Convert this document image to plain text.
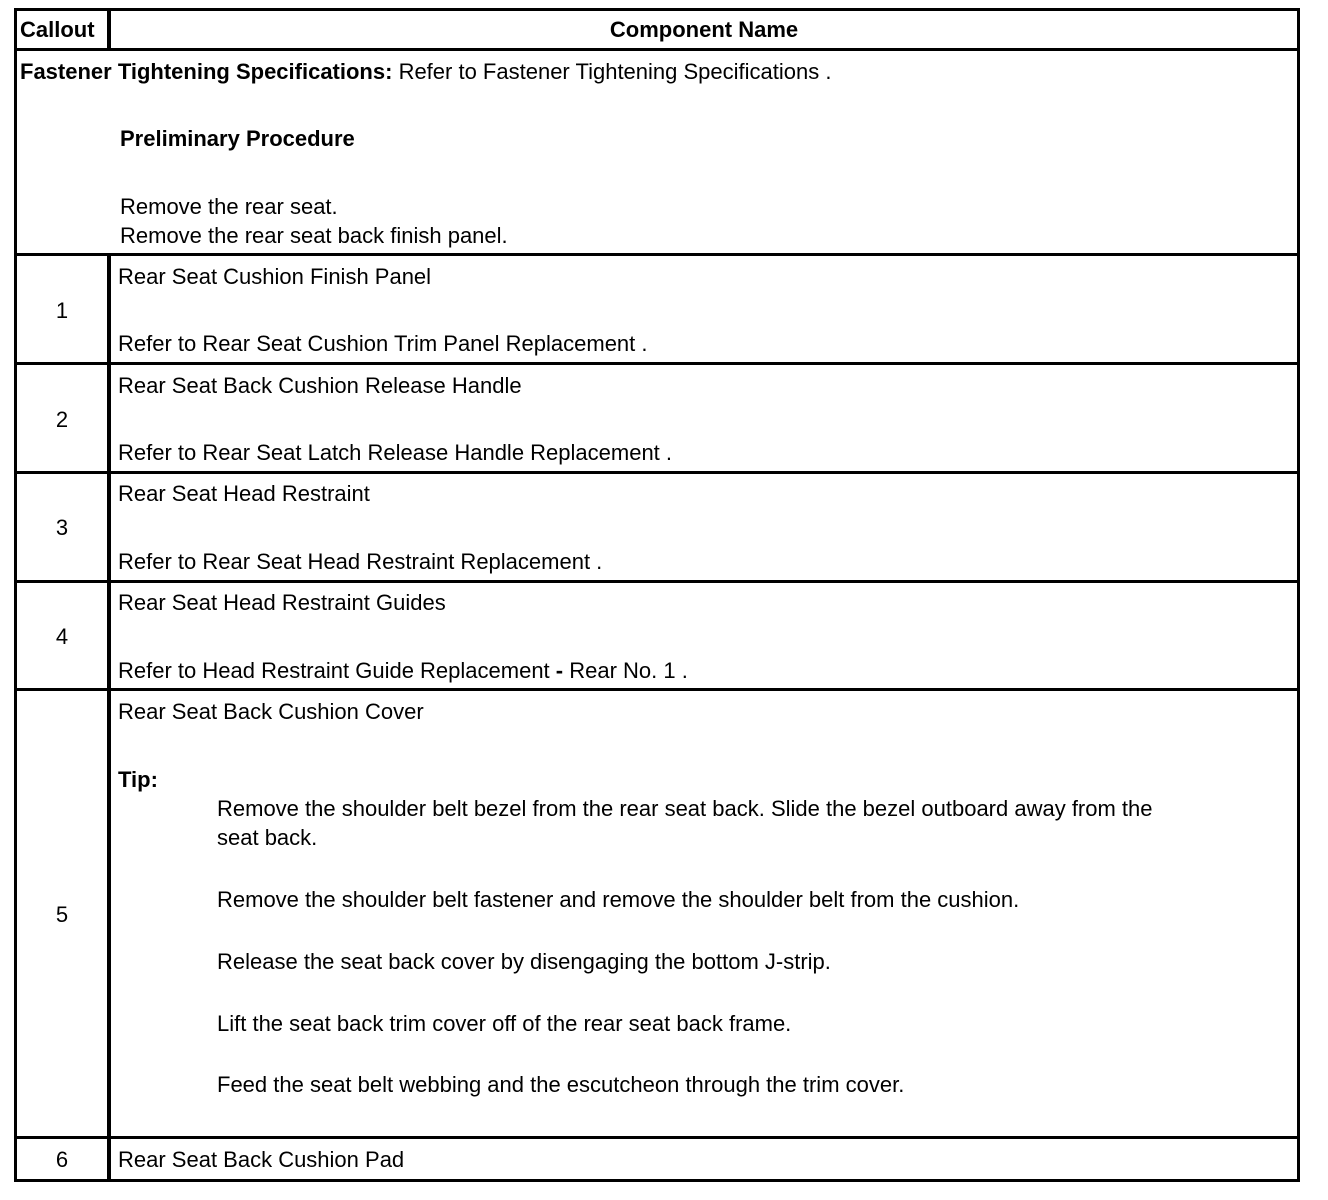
Callout	Component Name
Fastener Tightening Specifications: Refer to Fastener Tightening Specifications .
Preliminary Procedure
Remove the rear seat.
Remove the rear seat back finish panel.
1
Rear Seat Cushion Finish Panel
Refer to Rear Seat Cushion Trim Panel Replacement .
2
Rear Seat Back Cushion Release Handle
Refer to Rear Seat Latch Release Handle Replacement .
3
Rear Seat Head Restraint
Refer to Rear Seat Head Restraint Replacement .
4
Rear Seat Head Restraint Guides
Refer to Head Restraint Guide Replacement - Rear No. 1 .
5
Rear Seat Back Cushion Cover
Tip:
Remove the shoulder belt bezel from the rear seat back. Slide the bezel outboard away from the
seat back.
Remove the shoulder belt fastener and remove the shoulder belt from the cushion.
Release the seat back cover by disengaging the bottom J-strip.
Lift the seat back trim cover off of the rear seat back frame.
Feed the seat belt webbing and the escutcheon through the trim cover.
6	Rear Seat Back Cushion Pad
